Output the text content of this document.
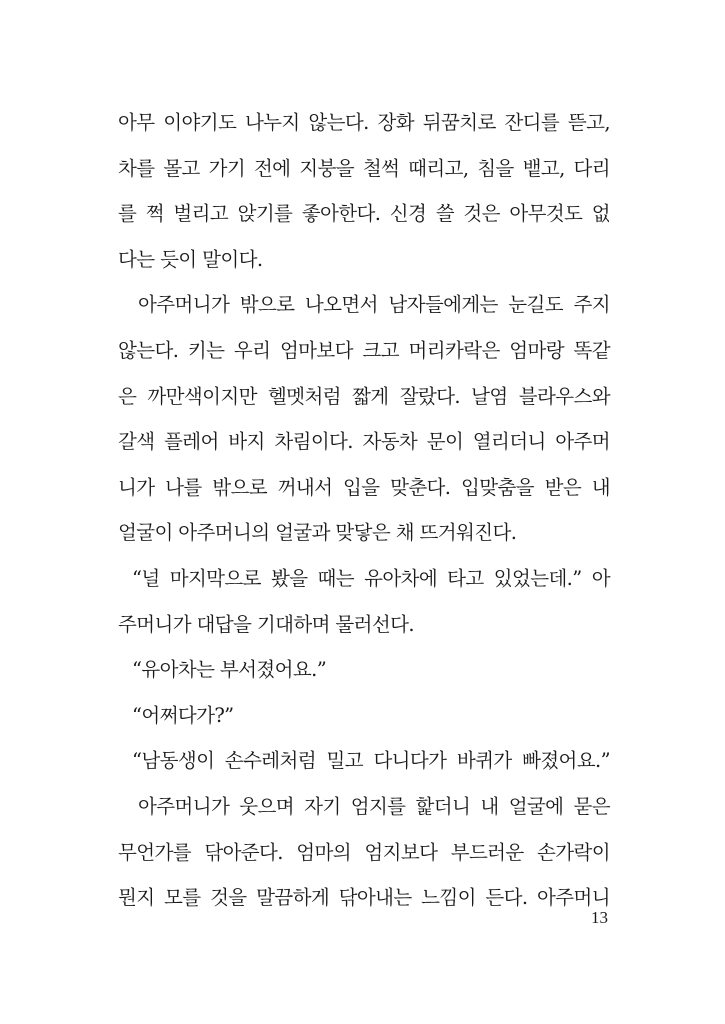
아무 이야기도 나누지 않는다. 장화 뒤꿈치로 잔디를 뜯고,
차를 몰고 가기 전에 지붕을 철썩 때리고, 침을 뱉고, 다리
를 쩍 벌리고 앉기를 좋아한다. 신경 쓸 것은 아무것도 없
다는 듯이 말이다.
아주머니가 밖으로 나오면서 남자들에게는 눈길도 주지
않는다. 키는 우리 엄마보다 크고 머리카락은 엄마랑 똑같
은 까만색이지만 헬멧처럼 짧게 잘랐다. 날염 블라우스와
갈색 플레어 바지 차림이다. 자동차 문이 열리더니 아주머
니가 나를 밖으로 꺼내서 입을 맞춘다. 입맞춤을 받은 내
얼굴이 아주머니의 얼굴과 맞닿은 채 뜨거워진다.
“널 마지막으로 봤을 때는 유아차에 타고 있었는데.” 아
주머니가 대답을 기대하며 물러선다.
“유아차는 부서졌어요.”
“어쩌다가?”
“남동생이 손수레처럼 밀고 다니다가 바퀴가 빠졌어요.”
아주머니가 웃으며 자기 엄지를 핥더니 내 얼굴에 묻은
무언가를 닦아준다. 엄마의 엄지보다 부드러운 손가락이
뭔지 모를 것을 말끔하게 닦아내는 느낌이 든다. 아주머니
13
